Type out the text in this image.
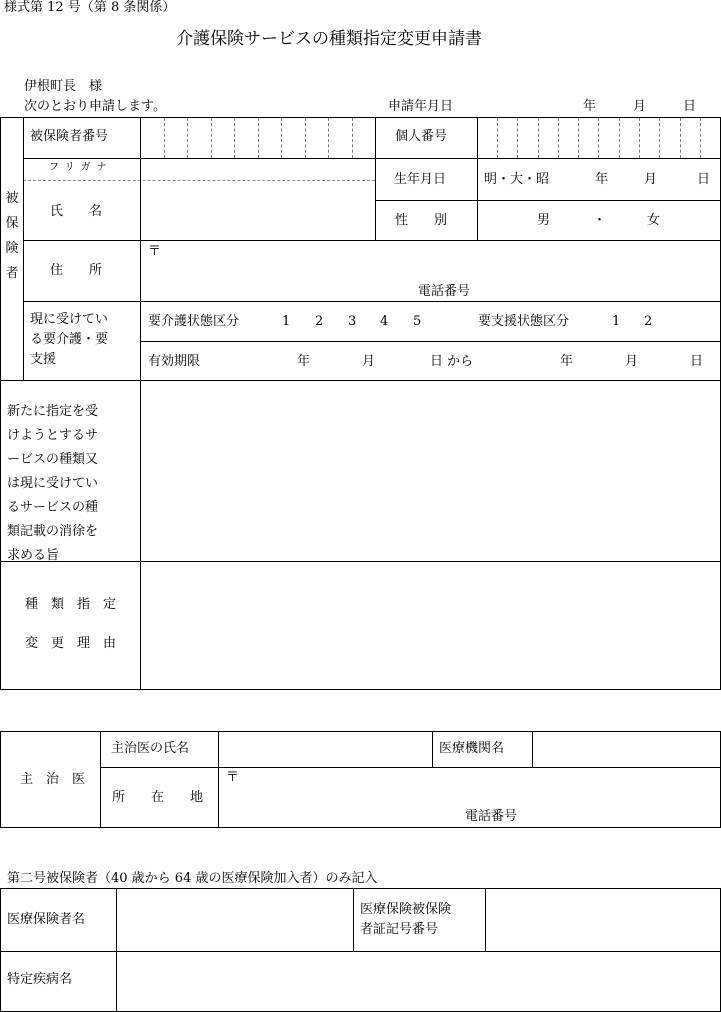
様式第 12 号（第 8 条関係）
介護保険サービスの種類指定変更申請書
伊根町長　様
次のとおり申請します。	申請年月日	年	月	日
被
保
険
者
被保険者番号	個人番号
フリガナ
氏　　名
生年月日	明・大・昭	年	月	日
性　　別	男	・	女
住　　所
〒
電話番号
現に受けてい
る要介護・要
支援
要介護状態区分	1 2 3 4 5	要支援状態区分	1 2
有効期限	年	月	日 から	年	月	日
新たに指定を受
けようとするサ
ービスの種類又
は現に受けてい
るサービスの種
類記載の消徐を
求める旨
種　類　指　定
変　更　理　由
主　治　医
主治医の氏名	医療機関名
所　　在　　地
〒
電話番号
第二号被保険者（40 歳から 64 歳の医療保険加入者）のみ記入
医療保険者名
医療保険被保険
者証記号番号
特定疾病名
